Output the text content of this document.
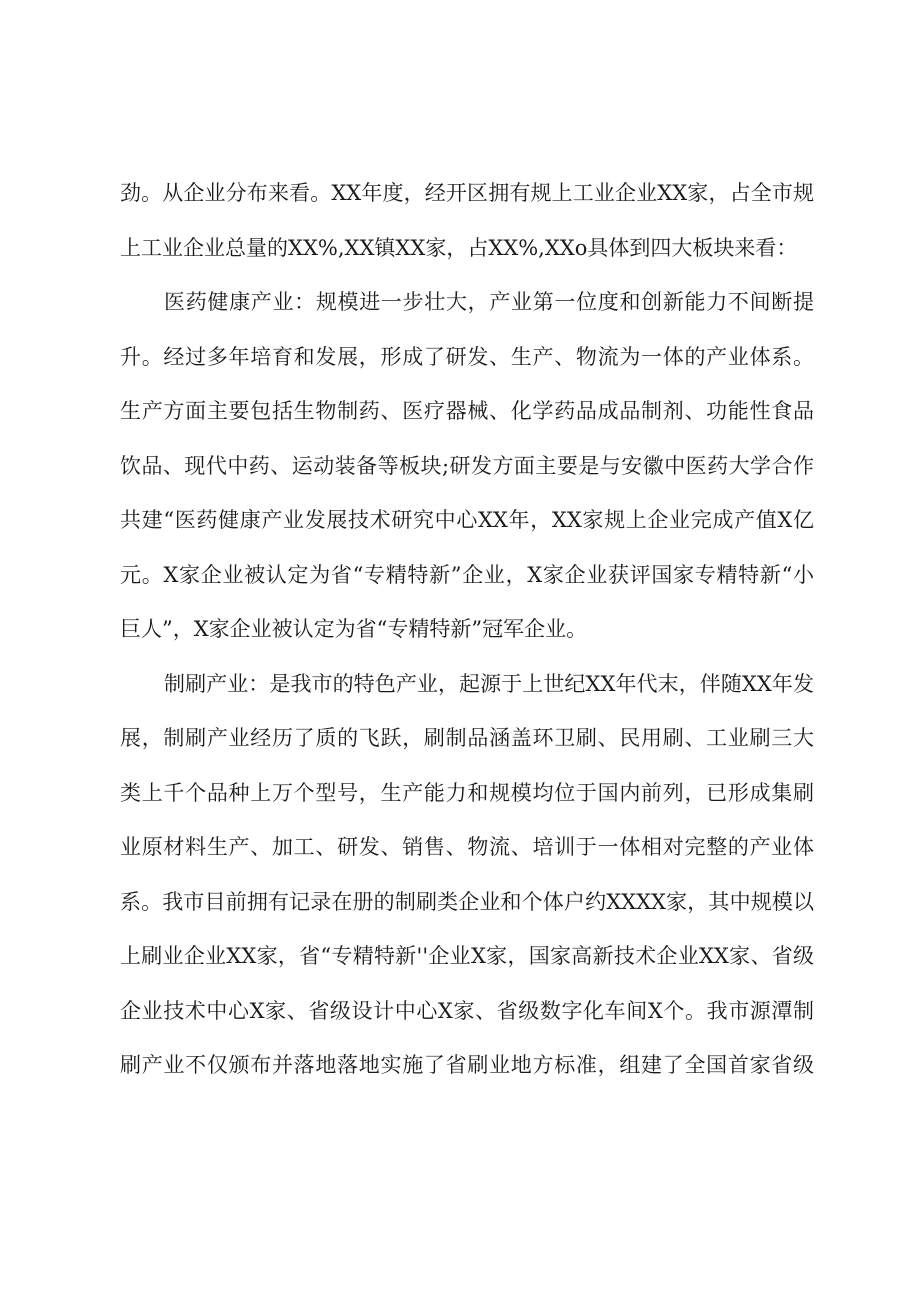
劲。从企业分布来看。XX年度，经开区拥有规上工业企业XX家，占全市规
上工业企业总量的XX%,XX镇XX家，占XX%,XXo具体到四大板块来看：
医药健康产业：规模进一步壮大，产业第一位度和创新能力不间断提
升。经过多年培育和发展，形成了研发、生产、物流为一体的产业体系。
生产方面主要包括生物制药、医疗器械、化学药品成品制剂、功能性食品
饮品、现代中药、运动装备等板块;研发方面主要是与安徽中医药大学合作
共建“医药健康产业发展技术研究中心XX年，XX家规上企业完成产值X亿
元。X家企业被认定为省“专精特新”企业，X家企业获评国家专精特新“小
巨人”，X家企业被认定为省“专精特新”冠军企业。
制刷产业：是我市的特色产业，起源于上世纪XX年代末，伴随XX年发
展，制刷产业经历了质的飞跃，刷制品涵盖环卫刷、民用刷、工业刷三大
类上千个品种上万个型号，生产能力和规模均位于国内前列，已形成集刷
业原材料生产、加工、研发、销售、物流、培训于一体相对完整的产业体
系。我市目前拥有记录在册的制刷类企业和个体户约XXXX家，其中规模以
上刷业企业XX家，省“专精特新''企业X家，国家高新技术企业XX家、省级
企业技术中心X家、省级设计中心X家、省级数字化车间X个。我市源潭制
刷产业不仅颁布并落地落地实施了省刷业地方标准，组建了全国首家省级
